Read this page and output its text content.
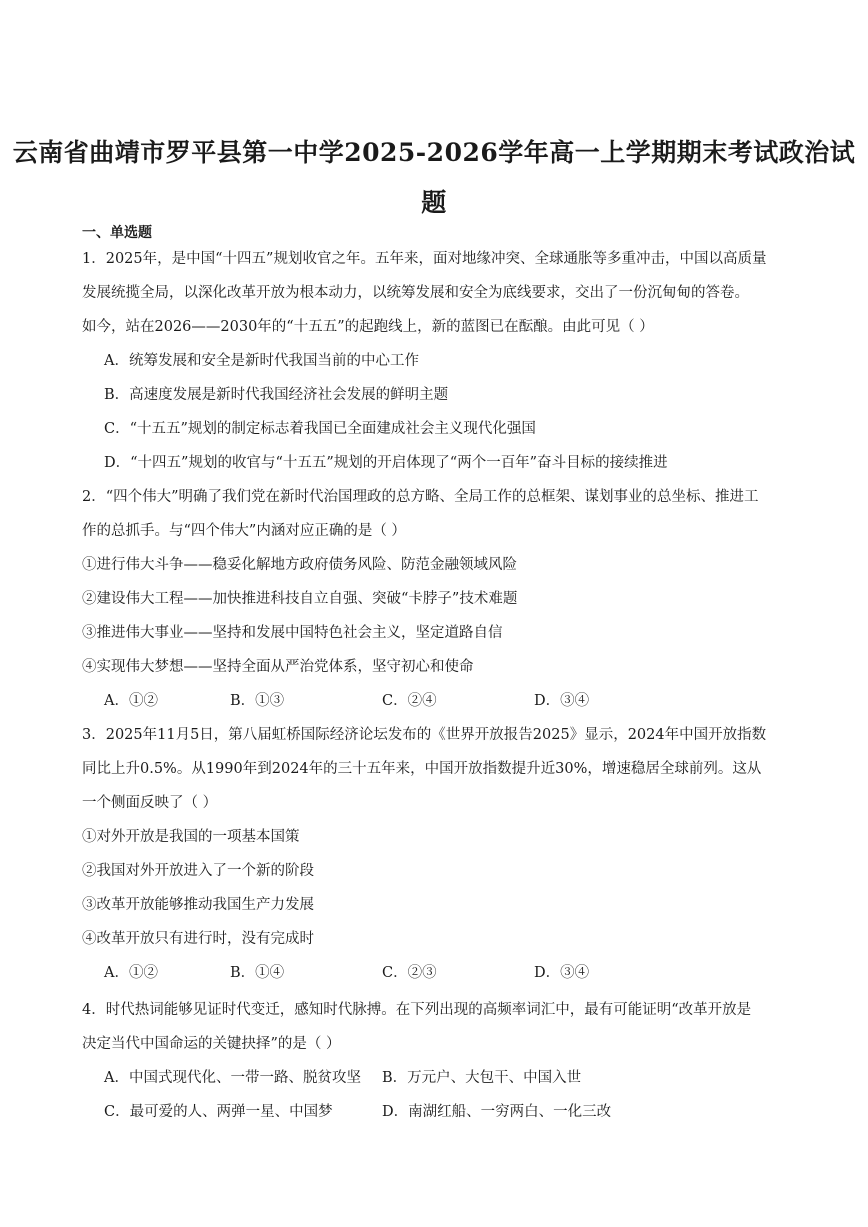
云南省曲靖市罗平县第一中学2025-2026学年高一上学期期末考试政治试
题
一、单选题
1．2025年，是中国“十四五”规划收官之年。五年来，面对地缘冲突、全球通胀等多重冲击，中国以高质量
发展统揽全局，以深化改革开放为根本动力，以统筹发展和安全为底线要求，交出了一份沉甸甸的答卷。
如今，站在2026——2030年的“十五五”的起跑线上，新的蓝图已在酝酿。由此可见（ ）
A．统筹发展和安全是新时代我国当前的中心工作
B．高速度发展是新时代我国经济社会发展的鲜明主题
C．“十五五”规划的制定标志着我国已全面建成社会主义现代化强国
D．“十四五”规划的收官与“十五五”规划的开启体现了“两个一百年”奋斗目标的接续推进
2．“四个伟大”明确了我们党在新时代治国理政的总方略、全局工作的总框架、谋划事业的总坐标、推进工
作的总抓手。与“四个伟大”内涵对应正确的是（ ）
①进行伟大斗争——稳妥化解地方政府债务风险、防范金融领域风险
②建设伟大工程——加快推进科技自立自强、突破“卡脖子”技术难题
③推进伟大事业——坚持和发展中国特色社会主义，坚定道路自信
④实现伟大梦想——坚持全面从严治党体系，坚守初心和使命
A．①②	B．①③	C．②④	D．③④
3．2025年11月5日，第八届虹桥国际经济论坛发布的《世界开放报告2025》显示，2024年中国开放指数
同比上升0.5%。从1990年到2024年的三十五年来，中国开放指数提升近30%，增速稳居全球前列。这从
一个侧面反映了（ ）
①对外开放是我国的一项基本国策
②我国对外开放进入了一个新的阶段
③改革开放能够推动我国生产力发展
④改革开放只有进行时，没有完成时
A．①②	B．①④	C．②③	D．③④
4．时代热词能够见证时代变迁，感知时代脉搏。在下列出现的高频率词汇中，最有可能证明“改革开放是
决定当代中国命运的关键抉择”的是（ ）
A．中国式现代化、一带一路、脱贫攻坚 B．万元户、大包干、中国入世
C．最可爱的人、两弹一星、中国梦	D．南湖红船、一穷两白、一化三改
